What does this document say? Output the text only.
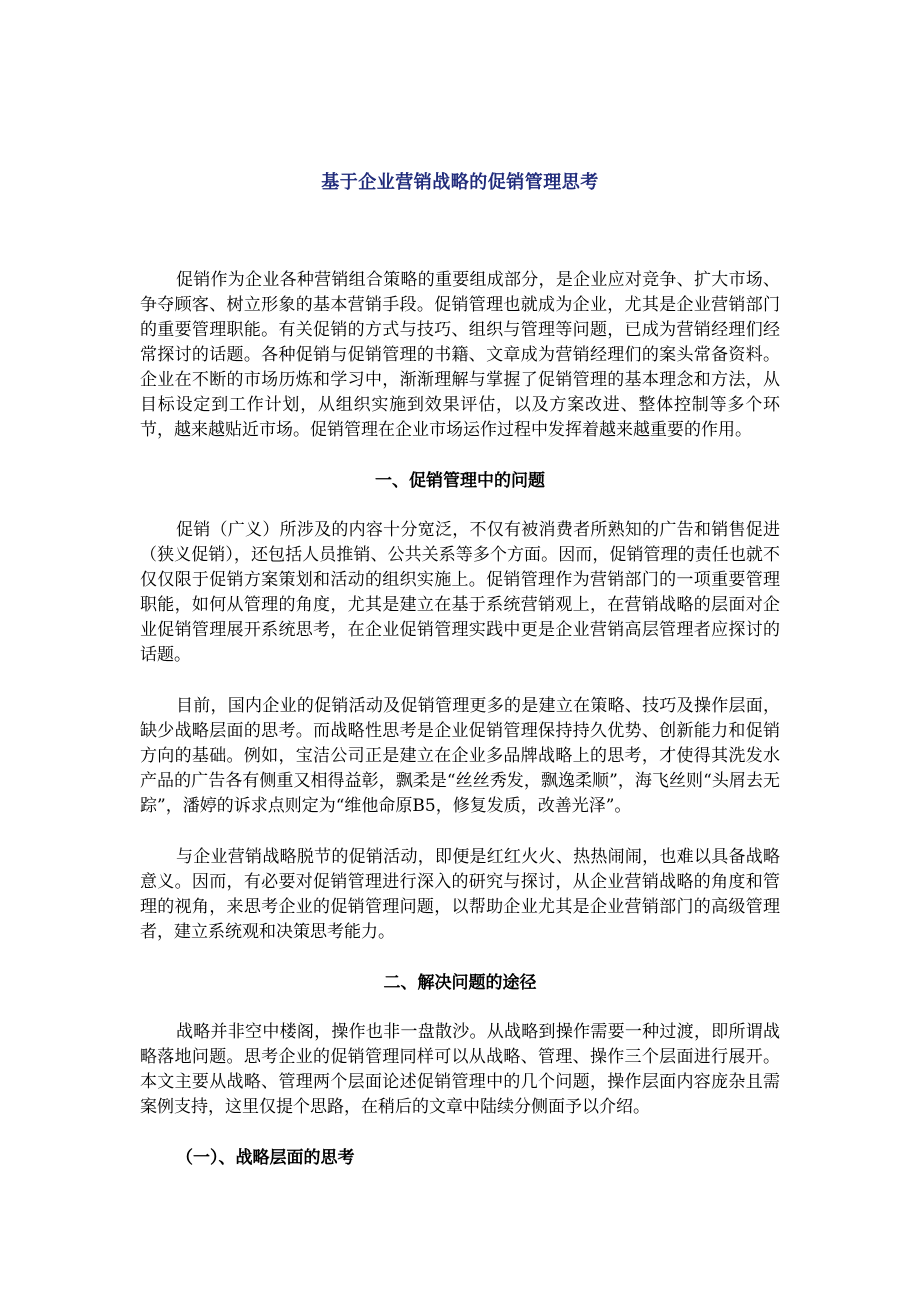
基于企业营销战略的促销管理思考

促销作为企业各种营销组合策略的重要组成部分，是企业应对竞争、扩大市场、争夺顾客、树立形象的基本营销手段。促销管理也就成为企业，尤其是企业营销部门的重要管理职能。有关促销的方式与技巧、组织与管理等问题，已成为营销经理们经常探讨的话题。各种促销与促销管理的书籍、文章成为营销经理们的案头常备资料。企业在不断的市场历炼和学习中，渐渐理解与掌握了促销管理的基本理念和方法，从目标设定到工作计划，从组织实施到效果评估，以及方案改进、整体控制等多个环节，越来越贴近市场。促销管理在企业市场运作过程中发挥着越来越重要的作用。

一、促销管理中的问题

促销（广义）所涉及的内容十分宽泛，不仅有被消费者所熟知的广告和销售促进（狭义促销），还包括人员推销、公共关系等多个方面。因而，促销管理的责任也就不仅仅限于促销方案策划和活动的组织实施上。促销管理作为营销部门的一项重要管理职能，如何从管理的角度，尤其是建立在基于系统营销观上，在营销战略的层面对企业促销管理展开系统思考，在企业促销管理实践中更是企业营销高层管理者应探讨的话题。

目前，国内企业的促销活动及促销管理更多的是建立在策略、技巧及操作层面，缺少战略层面的思考。而战略性思考是企业促销管理保持持久优势、创新能力和促销方向的基础。例如，宝洁公司正是建立在企业多品牌战略上的思考，才使得其洗发水产品的广告各有侧重又相得益彰，飘柔是“丝丝秀发，飘逸柔顺”，海飞丝则“头屑去无踪”，潘婷的诉求点则定为“维他命原B5，修复发质，改善光泽”。

与企业营销战略脱节的促销活动，即便是红红火火、热热闹闹，也难以具备战略意义。因而，有必要对促销管理进行深入的研究与探讨，从企业营销战略的角度和管理的视角，来思考企业的促销管理问题，以帮助企业尤其是企业营销部门的高级管理者，建立系统观和决策思考能力。

二、解决问题的途径

战略并非空中楼阁，操作也非一盘散沙。从战略到操作需要一种过渡，即所谓战略落地问题。思考企业的促销管理同样可以从战略、管理、操作三个层面进行展开。本文主要从战略、管理两个层面论述促销管理中的几个问题，操作层面内容庞杂且需案例支持，这里仅提个思路，在稍后的文章中陆续分侧面予以介绍。

（一）、战略层面的思考
